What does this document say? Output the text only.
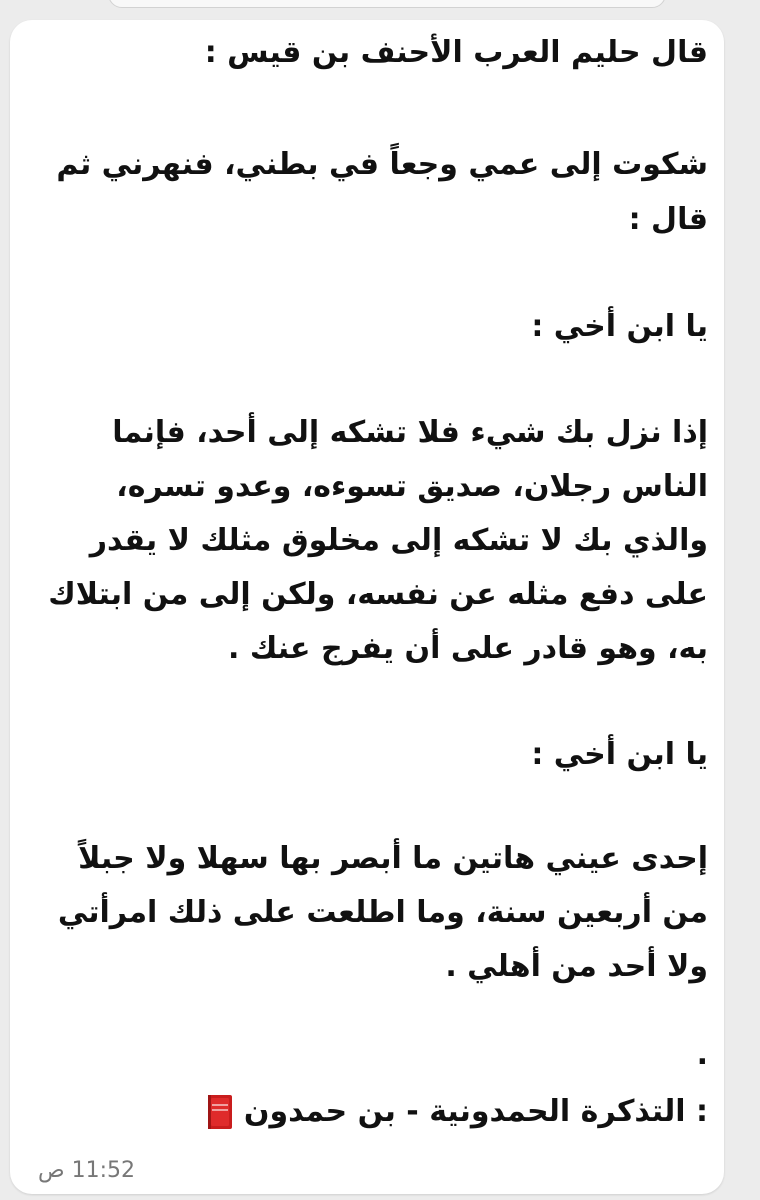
قال حليم العرب الأحنف بن قيس :
شكوت إلى عمي وجعاً في بطني، فنهرني ثم
قال :
يا ابن أخي :
إذا نزل بك شيء فلا تشكه إلى أحد، فإنما
الناس رجلان، صديق تسوءه، وعدو تسره،
والذي بك لا تشكه إلى مخلوق مثلك لا يقدر
على دفع مثله عن نفسه، ولكن إلى من ابتلاك
به، وهو قادر على أن يفرج عنك .
يا ابن أخي :
إحدى عيني هاتين ما أبصر بها سهلا ولا جبلاً
من أربعين سنة، وما اطلعت على ذلك امرأتي
ولا أحد من أهلي .
.
: التذكرة الحمدونية - بن حمدون
11:52 ص
